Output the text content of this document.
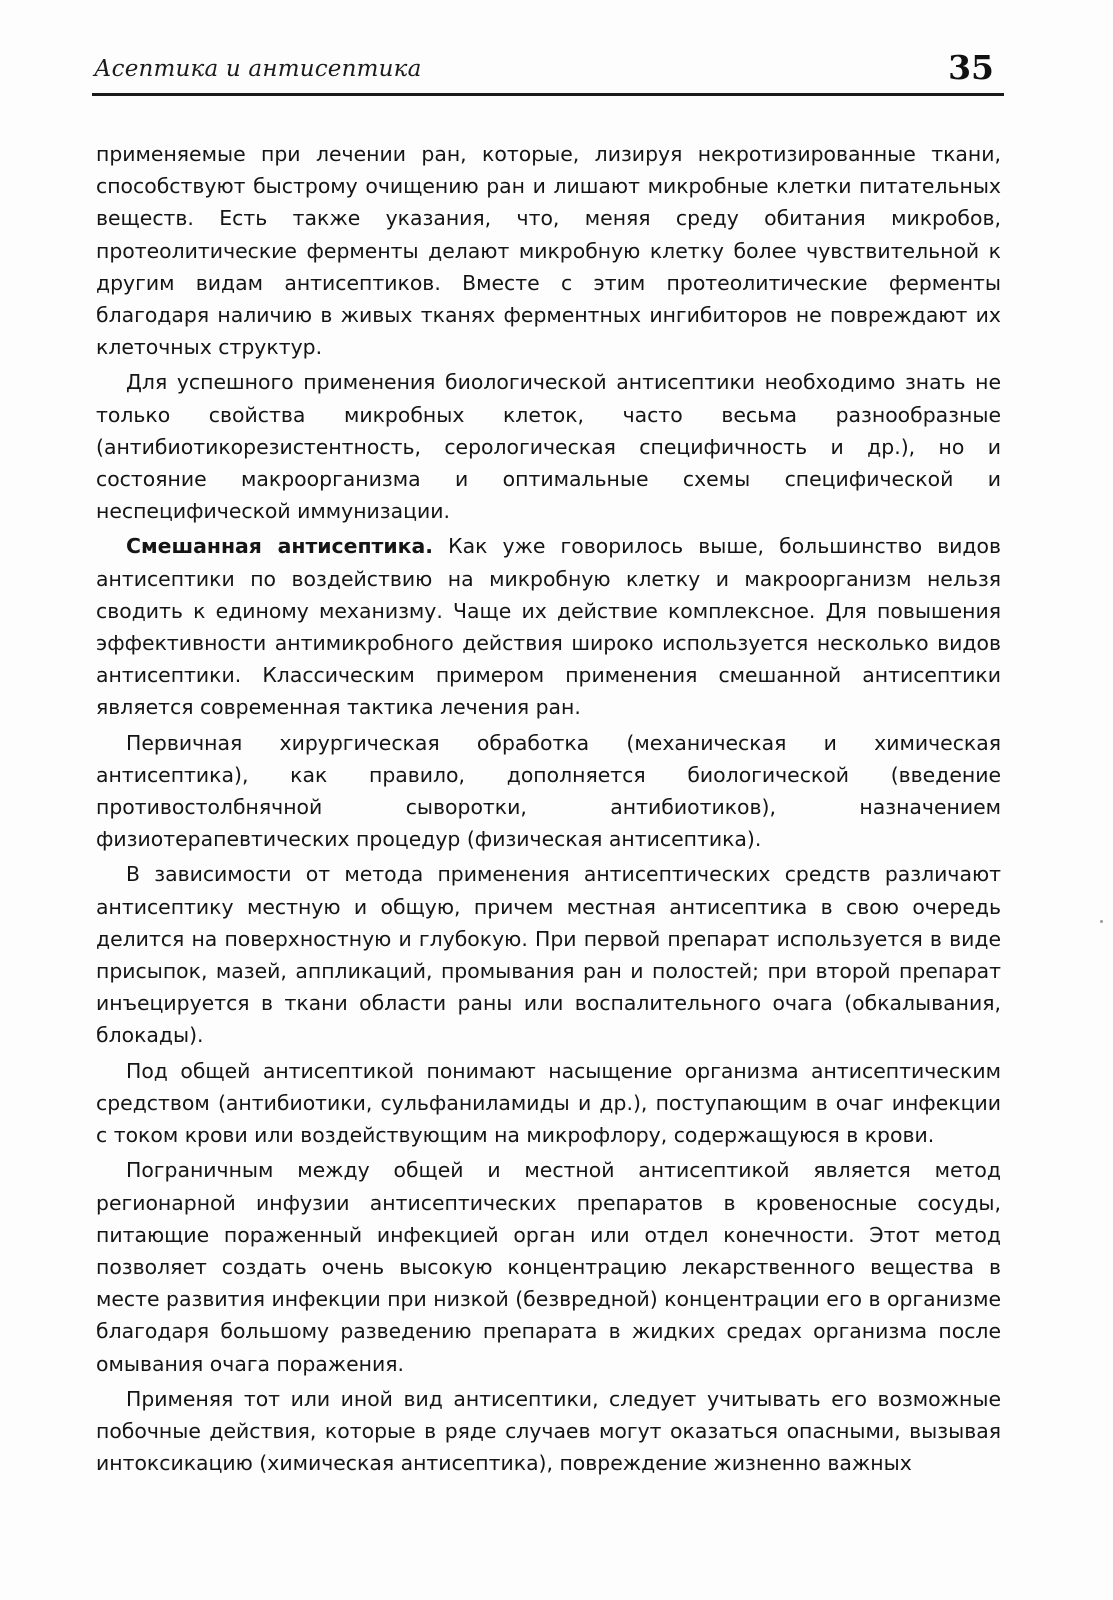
Асептика и антисептика	35

применяемые при лечении ран, которые, лизируя некротизированные ткани, способствуют быстрому очищению ран и лишают микробные клетки питательных веществ. Есть также указания, что, меняя среду обитания микробов, протеолитические ферменты делают микробную клетку более чувствительной к другим видам антисептиков. Вместе с этим протеолитические ферменты благодаря наличию в живых тканях ферментных ингибиторов не повреждают их клеточных структур.

Для успешного применения биологической антисептики необходимо знать не только свойства микробных клеток, часто весьма разнообразные (антибиотикорезистентность, серологическая специфичность и др.), но и состояние макроорганизма и оптимальные схемы специфической и неспецифической иммунизации.

Смешанная антисептика. Как уже говорилось выше, большинство видов антисептики по воздействию на микробную клетку и макроорганизм нельзя сводить к единому механизму. Чаще их действие комплексное. Для повышения эффективности антимикробного действия широко используется несколько видов антисептики. Классическим примером применения смешанной антисептики является современная тактика лечения ран.

Первичная хирургическая обработка (механическая и химическая антисептика), как правило, дополняется биологической (введение противостолбнячной сыворотки, антибиотиков), назначением физиотерапевтических процедур (физическая антисептика).

В зависимости от метода применения антисептических средств различают антисептику местную и общую, причем местная антисептика в свою очередь делится на поверхностную и глубокую. При первой препарат используется в виде присыпок, мазей, аппликаций, промывания ран и полостей; при второй препарат инъецируется в ткани области раны или воспалительного очага (обкалывания, блокады).

Под общей антисептикой понимают насыщение организма антисептическим средством (антибиотики, сульфаниламиды и др.), поступающим в очаг инфекции с током крови или воздействующим на микрофлору, содержащуюся в крови.

Пограничным между общей и местной антисептикой является метод регионарной инфузии антисептических препаратов в кровеносные сосуды, питающие пораженный инфекцией орган или отдел конечности. Этот метод позволяет создать очень высокую концентрацию лекарственного вещества в месте развития инфекции при низкой (безвредной) концентрации его в организме благодаря большому разведению препарата в жидких средах организма после омывания очага поражения.

Применяя тот или иной вид антисептики, следует учитывать его возможные побочные действия, которые в ряде случаев могут оказаться опасными, вызывая интоксикацию (химическая антисептика), повреждение жизненно важных
